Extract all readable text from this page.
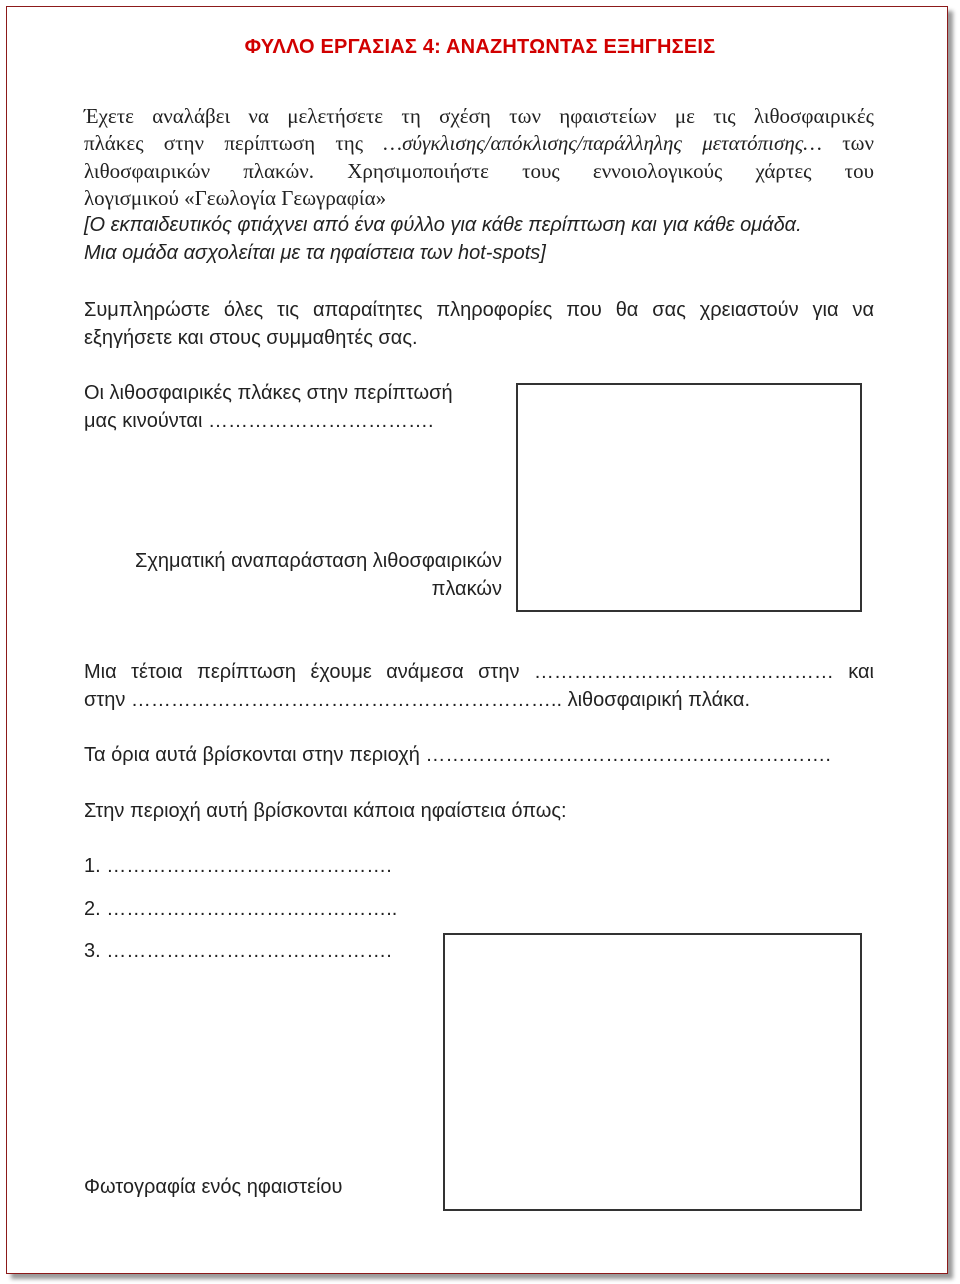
ΦΥΛΛΟ ΕΡΓΑΣΙΑΣ 4: ΑΝΑΖΗΤΩΝΤΑΣ ΕΞΗΓΗΣΕΙΣ
Έχετε αναλάβει να μελετήσετε τη σχέση των ηφαιστείων με τις λιθοσφαιρικές
πλάκες στην περίπτωση της …σύγκλισης/απόκλισης/παράλληλης μετατόπισης… των
λιθοσφαιρικών πλακών. Χρησιμοποιήστε τους εννοιολογικούς χάρτες του
λογισμικού «Γεωλογία Γεωγραφία»
[Ο εκπαιδευτικός φτιάχνει από ένα φύλλο για κάθε περίπτωση και για κάθε ομάδα.
Μια ομάδα ασχολείται με τα ηφαίστεια των hot-spots]
Συμπληρώστε όλες τις απαραίτητες πληροφορίες που θα σας χρειαστούν για να
εξηγήσετε και στους συμμαθητές σας.
Οι λιθοσφαιρικές πλάκες στην περίπτωσή
μας κινούνται …………………………….
Σχηματική αναπαράσταση λιθοσφαιρικών
πλακών
Μια τέτοια περίπτωση έχουμε ανάμεσα στην ……………………………………… και
στην ……………………………………………………….. λιθοσφαιρική πλάκα.
Τα όρια αυτά βρίσκονται στην περιοχή …………………………………………………….
Στην περιοχή αυτή βρίσκονται κάποια ηφαίστεια όπως:
1. …………………………………….
2. ……………………………………..
3. …………………………………….
Φωτογραφία ενός ηφαιστείου
